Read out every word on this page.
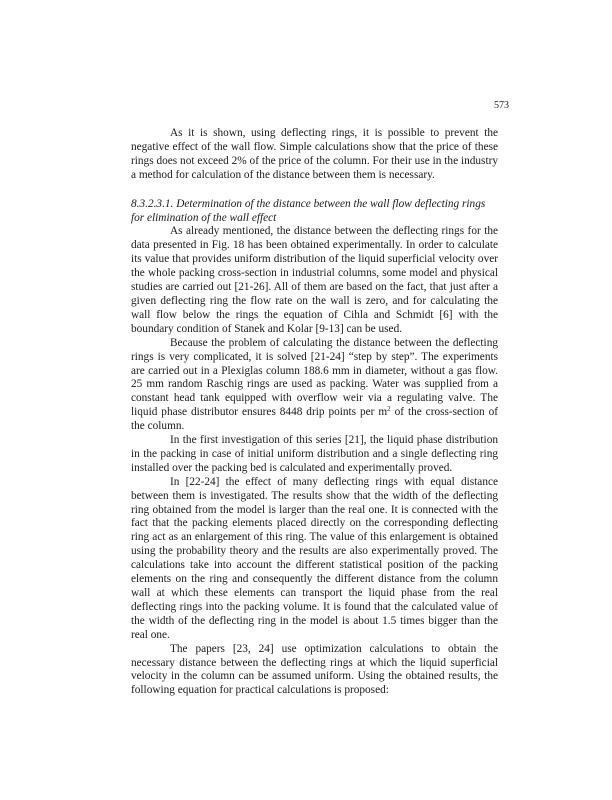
573

As it is shown, using deflecting rings, it is possible to prevent the negative effect of the wall flow. Simple calculations show that the price of these rings does not exceed 2% of the price of the column. For their use in the industry a method for calculation of the distance between them is necessary.

8.3.2.3.1. Determination of the distance between the wall flow deflecting rings for elimination of the wall effect

As already mentioned, the distance between the deflecting rings for the data presented in Fig. 18 has been obtained experimentally. In order to calculate its value that provides uniform distribution of the liquid superficial velocity over the whole packing cross-section in industrial columns, some model and physical studies are carried out [21-26]. All of them are based on the fact, that just after a given deflecting ring the flow rate on the wall is zero, and for calculating the wall flow below the rings the equation of Cihla and Schmidt [6] with the boundary condition of Stanek and Kolar [9-13] can be used.

Because the problem of calculating the distance between the deflecting rings is very complicated, it is solved [21-24] “step by step”. The experiments are carried out in a Plexiglas column 188.6 mm in diameter, without a gas flow. 25 mm random Raschig rings are used as packing. Water was supplied from a constant head tank equipped with overflow weir via a regulating valve. The liquid phase distributor ensures 8448 drip points per $m^2$ of the cross-section of the column.

In the first investigation of this series [21], the liquid phase distribution in the packing in case of initial uniform distribution and a single deflecting ring installed over the packing bed is calculated and experimentally proved.

In [22-24] the effect of many deflecting rings with equal distance between them is investigated. The results show that the width of the deflecting ring obtained from the model is larger than the real one. It is connected with the fact that the packing elements placed directly on the corresponding deflecting ring act as an enlargement of this ring. The value of this enlargement is obtained using the probability theory and the results are also experimentally proved. The calculations take into account the different statistical position of the packing elements on the ring and consequently the different distance from the column wall at which these elements can transport the liquid phase from the real deflecting rings into the packing volume. It is found that the calculated value of the width of the deflecting ring in the model is about 1.5 times bigger than the real one.

The papers [23, 24] use optimization calculations to obtain the necessary distance between the deflecting rings at which the liquid superficial velocity in the column can be assumed uniform. Using the obtained results, the following equation for practical calculations is proposed:
